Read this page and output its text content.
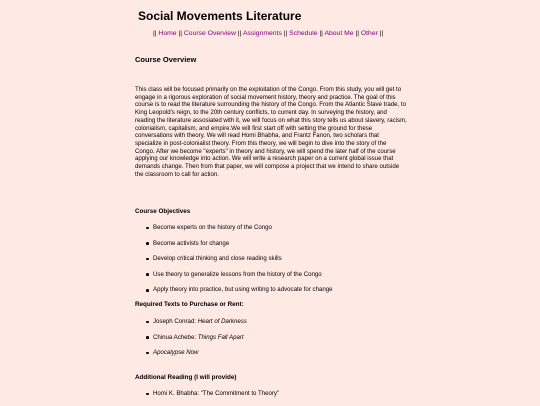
Social Movements Literature
|| Home || Course Overview || Assignments || Schedule || About Me || Other ||
Course Overview

This class will be focused primarily on the exploitation of the Congo. From this study, you will get to engage in a rigorous exploration of social movement history, theory and practice. The goal of this course is to read the literature surrounding the history of the Congo. From the Atlantic Slave trade, to King Leopold's reign, to the 20th century conflicts, to current day. In surveying the history, and reading the literature assosiated with it, we will focus on what this story tells us about slavery, racism, colonialism, capitalism, and empire.We will first start off with setting the ground for these conversations with theory. We will read Homi Bhabha, and Frantz Fanon, two scholars that specialize in post-colonialist theory. From this theory, we will begin to dive into the story of the Congo. After we become "experts" in theory and history, we will spend the later half of the course applying our knowledge into action. We will write a research paper on a current global issue that demands change. Then from that paper, we will compose a project that we intend to share outside the classroom to call for action.

Course Objectives
Become experts on the history of the Congo
Become activists for change
Develop critical thinking and close reading skills
Use theory to generalize lessons from the history of the Congo
Apply theory into practice, but using writing to advocate for change
Required Texts to Purchase or Rent:
Joseph Conrad: Heart of Darkness
Chinua Achebe: Things Fall Apart
Apocalypse Now
Additional Reading (I will provide)
Homi K. Bhabha: "The Commitment to Theory"
